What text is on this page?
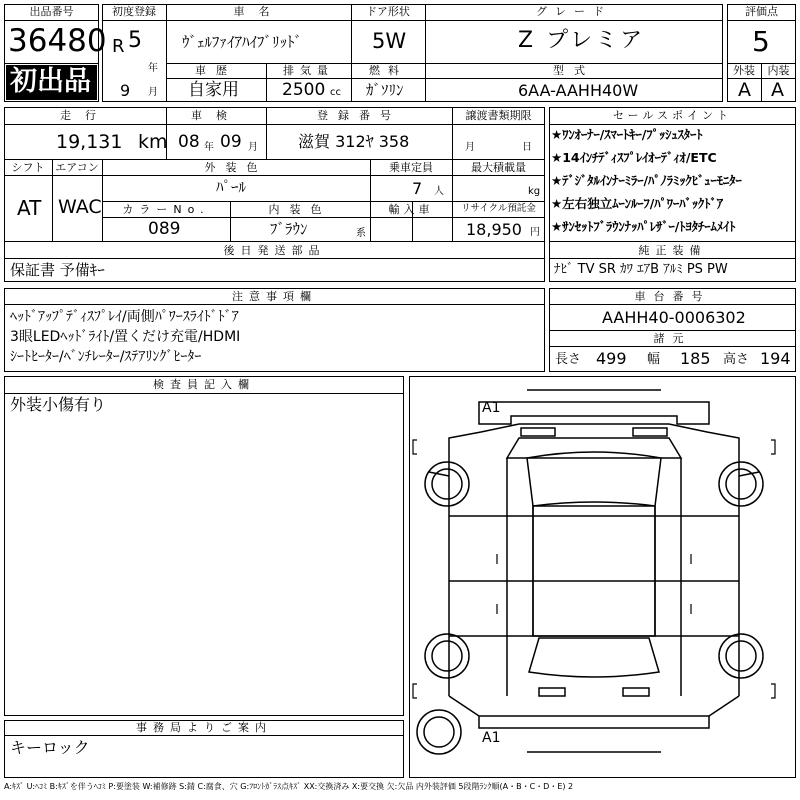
出品番号
36480
初出品
初度登録
R 5
年
9 月
車名
ｳﾞｪﾙﾌｧｲｱﾊｲﾌﾞﾘｯﾄﾞ
ドア形状
5W
グレード
Z プレミア
車歴
自家用
排気量
2500 cc
燃料
ｶﾞｿﾘﾝ
型式
6AA-AAHH40W
評価点
5
外装	内装
A A
走行
19,131 km
車検
08 年 09 月
登録番号
滋賀 312ﾔ 358
譲渡書類期限
月	日
シフト
AT
エアコン
WAC
外装色
ﾊﾟｰﾙ
乗車定員
7 人
最大積載量
kg
カラーNo.
089
内装色
ﾌﾞﾗｳﾝ	系
輸入車	リサイクル預託金
18,950 円
後日発送部品
保証書 予備ｷｰ
セールスポイント
★ﾜﾝｵｰﾅｰ/ｽﾏｰﾄｷｰ/ﾌﾟｯｼｭｽﾀｰﾄ
★14ｲﾝﾁﾃﾞｨｽﾌﾟﾚｲｵｰﾃﾞｨｵ/ETC
★ﾃﾞｼﾞﾀﾙｲﾝﾅｰﾐﾗｰ/ﾊﾟﾉﾗﾐｯｸﾋﾞｭｰﾓﾆﾀｰ
★左右独立ﾑｰﾝﾙｰﾌ/ﾊﾟﾜｰﾊﾞｯｸﾄﾞｱ
★ｻﾝｾｯﾄﾌﾞﾗｳﾝﾅｯﾊﾟﾚｻﾞｰ/ﾄﾖﾀﾁｰﾑﾒｲﾄ
純正装備
ﾅﾋﾞ TV SR ｶﾜ ｴｱB ｱﾙﾐ PS PW
注意事項欄
ﾍｯﾄﾞｱｯﾌﾟﾃﾞｨｽﾌﾟﾚｲ/両側ﾊﾟﾜｰｽﾗｲﾄﾞﾄﾞｱ
3眼LEDﾍｯﾄﾞﾗｲﾄ/置くだけ充電/HDMI
ｼｰﾄﾋｰﾀｰ/ﾍﾞﾝﾁﾚｰﾀｰ/ｽﾃｱﾘﾝｸﾞﾋｰﾀｰ
車台番号
AAHH40-0006302
諸元
長さ 499 幅 185 高さ 194
検査員記入欄
外装小傷有り
事務局よりご案内
キーロック
A1
A1
A:ｷｽﾞ U:ﾍｺﾐ B:ｷｽﾞを伴うﾍｺﾐ P:要塗装 W:補修跡 S:錆 C:腐食、穴 G:ﾌﾛﾝﾄｶﾞﾗｽ点ｷｽﾞ XX:交換済み X:要交換 欠:欠品 内外装評価 5段階ﾗﾝｸ順(A・B・C・D・E) 2
